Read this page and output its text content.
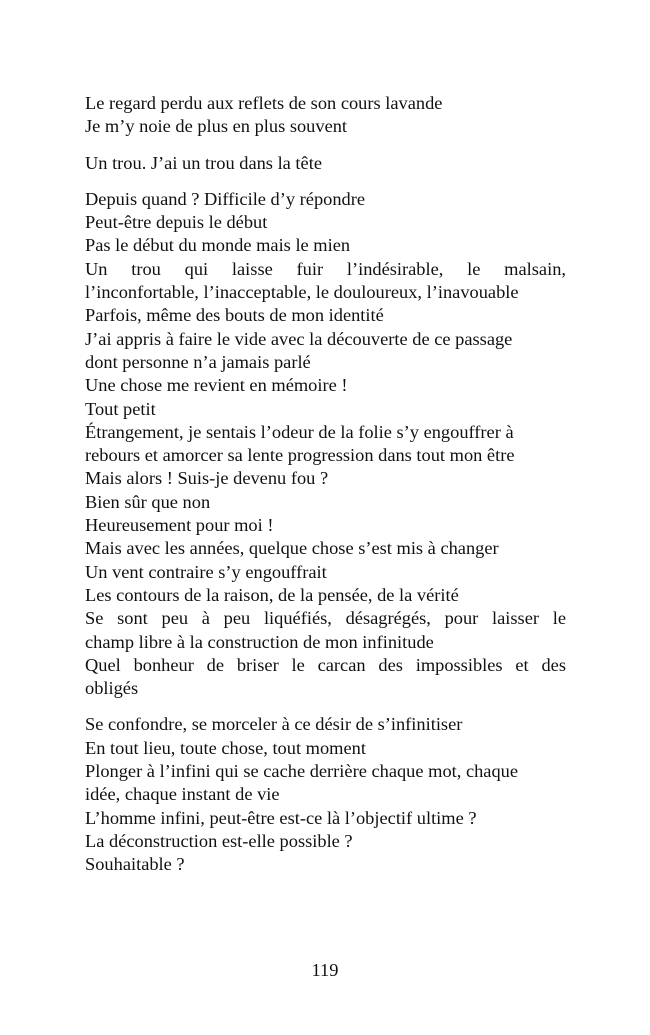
Le regard perdu aux reflets de son cours lavande
Je m’y noie de plus en plus souvent
Un trou. J’ai un trou dans la tête
Depuis quand ? Difficile d’y répondre
Peut-être depuis le début
Pas le début du monde mais le mien
Un trou qui laisse fuir l’indésirable, le malsain,
l’inconfortable, l’inacceptable, le douloureux, l’inavouable
Parfois, même des bouts de mon identité
J’ai appris à faire le vide avec la découverte de ce passage
dont personne n’a jamais parlé
Une chose me revient en mémoire !
Tout petit
Étrangement, je sentais l’odeur de la folie s’y engouffrer à
rebours et amorcer sa lente progression dans tout mon être
Mais alors ! Suis-je devenu fou ?
Bien sûr que non
Heureusement pour moi !
Mais avec les années, quelque chose s’est mis à changer
Un vent contraire s’y engouffrait
Les contours de la raison, de la pensée, de la vérité
Se sont peu à peu liquéfiés, désagrégés, pour laisser le
champ libre à la construction de mon infinitude
Quel bonheur de briser le carcan des impossibles et des
obligés
Se confondre, se morceler à ce désir de s’infinitiser
En tout lieu, toute chose, tout moment
Plonger à l’infini qui se cache derrière chaque mot, chaque
idée, chaque instant de vie
L’homme infini, peut-être est-ce là l’objectif ultime ?
La déconstruction est-elle possible ?
Souhaitable ?
119
